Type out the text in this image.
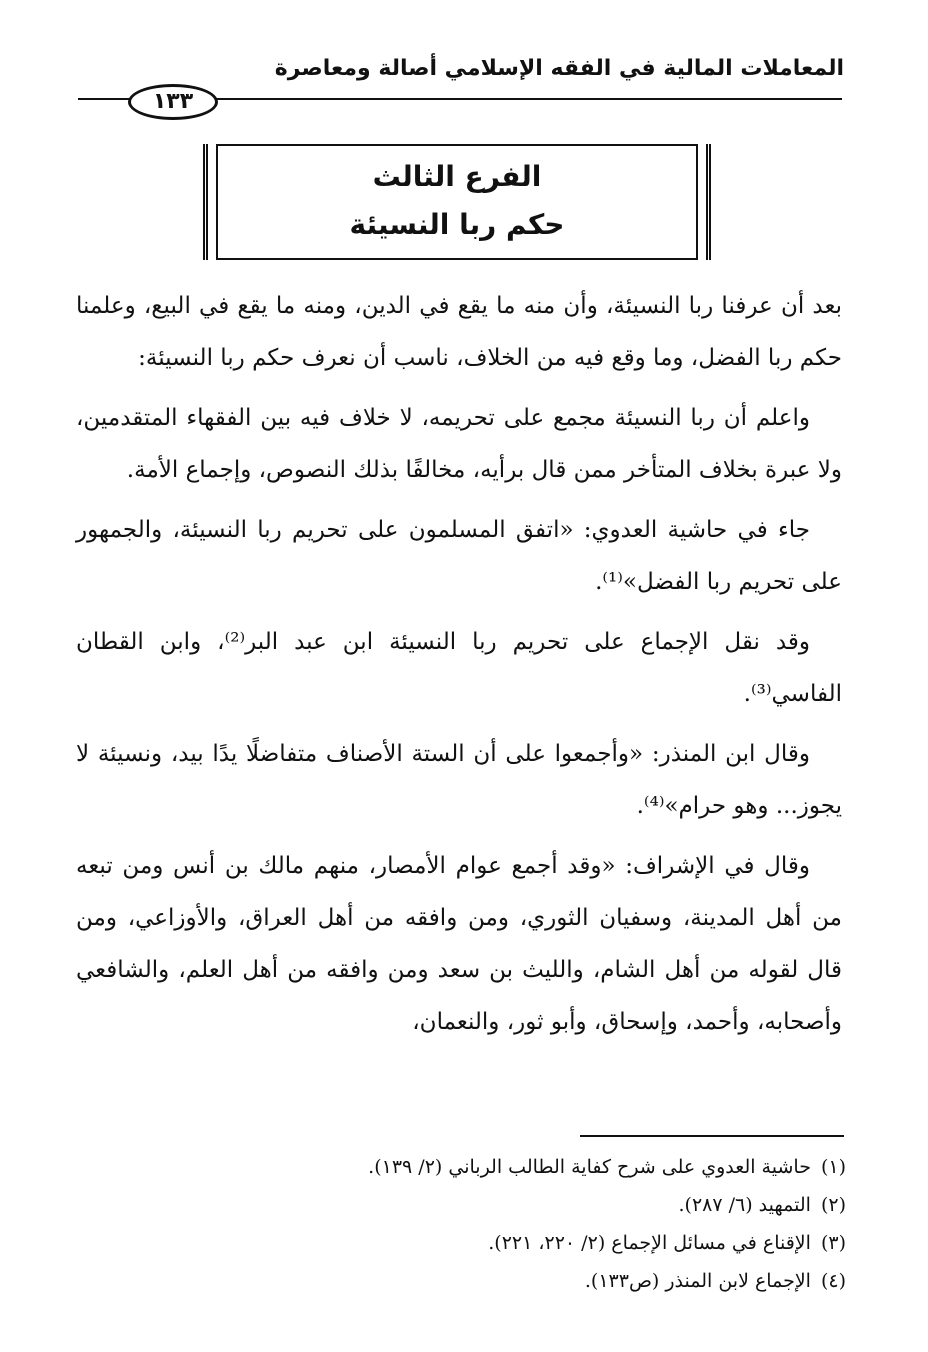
المعاملات المالية في الفقه الإسلامي أصالة ومعاصرة
١٣٣
الفرع الثالث
حكم ربا النسيئة

بعد أن عرفنا ربا النسيئة، وأن منه ما يقع في الدين، ومنه ما يقع في البيع، وعلمنا حكم ربا الفضل، وما وقع فيه من الخلاف، ناسب أن نعرف حكم ربا النسيئة:

واعلم أن ربا النسيئة مجمع على تحريمه، لا خلاف فيه بين الفقهاء المتقدمين، ولا عبرة بخلاف المتأخر ممن قال برأيه، مخالفًا بذلك النصوص، وإجماع الأمة.

جاء في حاشية العدوي: «اتفق المسلمون على تحريم ربا النسيئة، والجمهور على تحريم ربا الفضل»⁽¹⁾.

وقد نقل الإجماع على تحريم ربا النسيئة ابن عبد البر⁽²⁾، وابن القطان الفاسي⁽³⁾.

وقال ابن المنذر: «وأجمعوا على أن الستة الأصناف متفاضلًا يدًا بيد، ونسيئة لا يجوز... وهو حرام»⁽⁴⁾.

وقال في الإشراف: «وقد أجمع عوام الأمصار، منهم مالك بن أنس ومن تبعه من أهل المدينة، وسفيان الثوري، ومن وافقه من أهل العراق، والأوزاعي، ومن قال لقوله من أهل الشام، والليث بن سعد ومن وافقه من أهل العلم، والشافعي وأصحابه، وأحمد، وإسحاق، وأبو ثور، والنعمان،

(١)حاشية العدوي على شرح كفاية الطالب الرباني (٢/ ١٣٩).
(٢)التمهيد (٦/ ٢٨٧).
(٣)الإقناع في مسائل الإجماع (٢/ ٢٢٠، ٢٢١).
(٤)الإجماع لابن المنذر (ص١٣٣).
